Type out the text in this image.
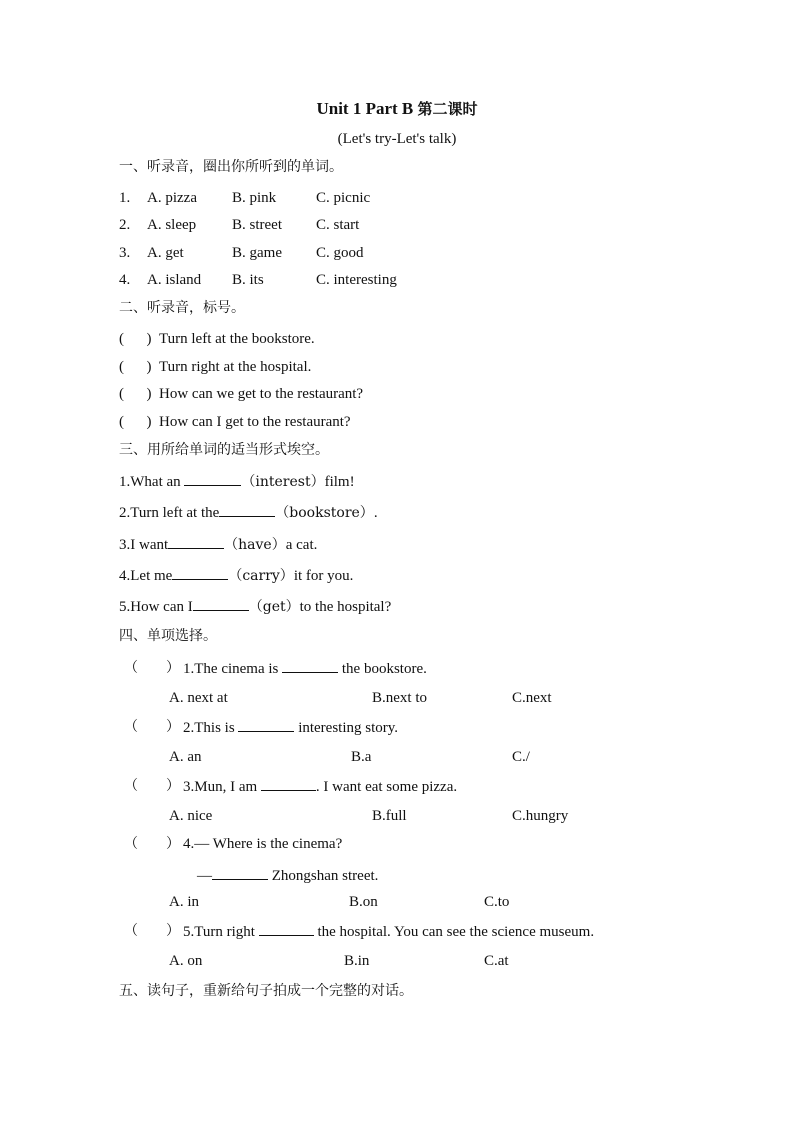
Unit 1 Part B 第二课时
(Let's try-Let's talk)
一、听录音，圈出你所听到的单词。
1. A. pizza B. pink	C. picnic
2. A. sleep B. street C. start
3. A. get	B. game C. good
4. A. island B. its	C. interesting
二、听录音，标号。
(      ) Turn left at the bookstore.
(      ) Turn right at the hospital.
(      ) How can we get to the restaurant?
(      ) How can I get to the restaurant?
三、用所给单词的适当形式埃空。
1.What an	（interest）film!
2.Turn left at the	（bookstore）.
3.I want	（have）a cat.
4.Let me	（carry）it for you.
5.How can I	（get）to the hospital?
四、单项选择。
（ ） 1.The cinema is	the bookstore.
A. next at	B.next to	C.next
（ ） 2.This is	interesting story.
A. an	B.a	C./
（ ） 3.Mun, I am	. I want eat some pizza.
A. nice	B.full	C.hungry
（ ） 4.— Where is the cinema?
—	Zhongshan street.
A. in	B.on	C.to
（ ） 5.Turn right	the hospital. You can see the science museum.
A. on	B.in	C.at
五、读句子，重新给句子拍成一个完整的对话。
